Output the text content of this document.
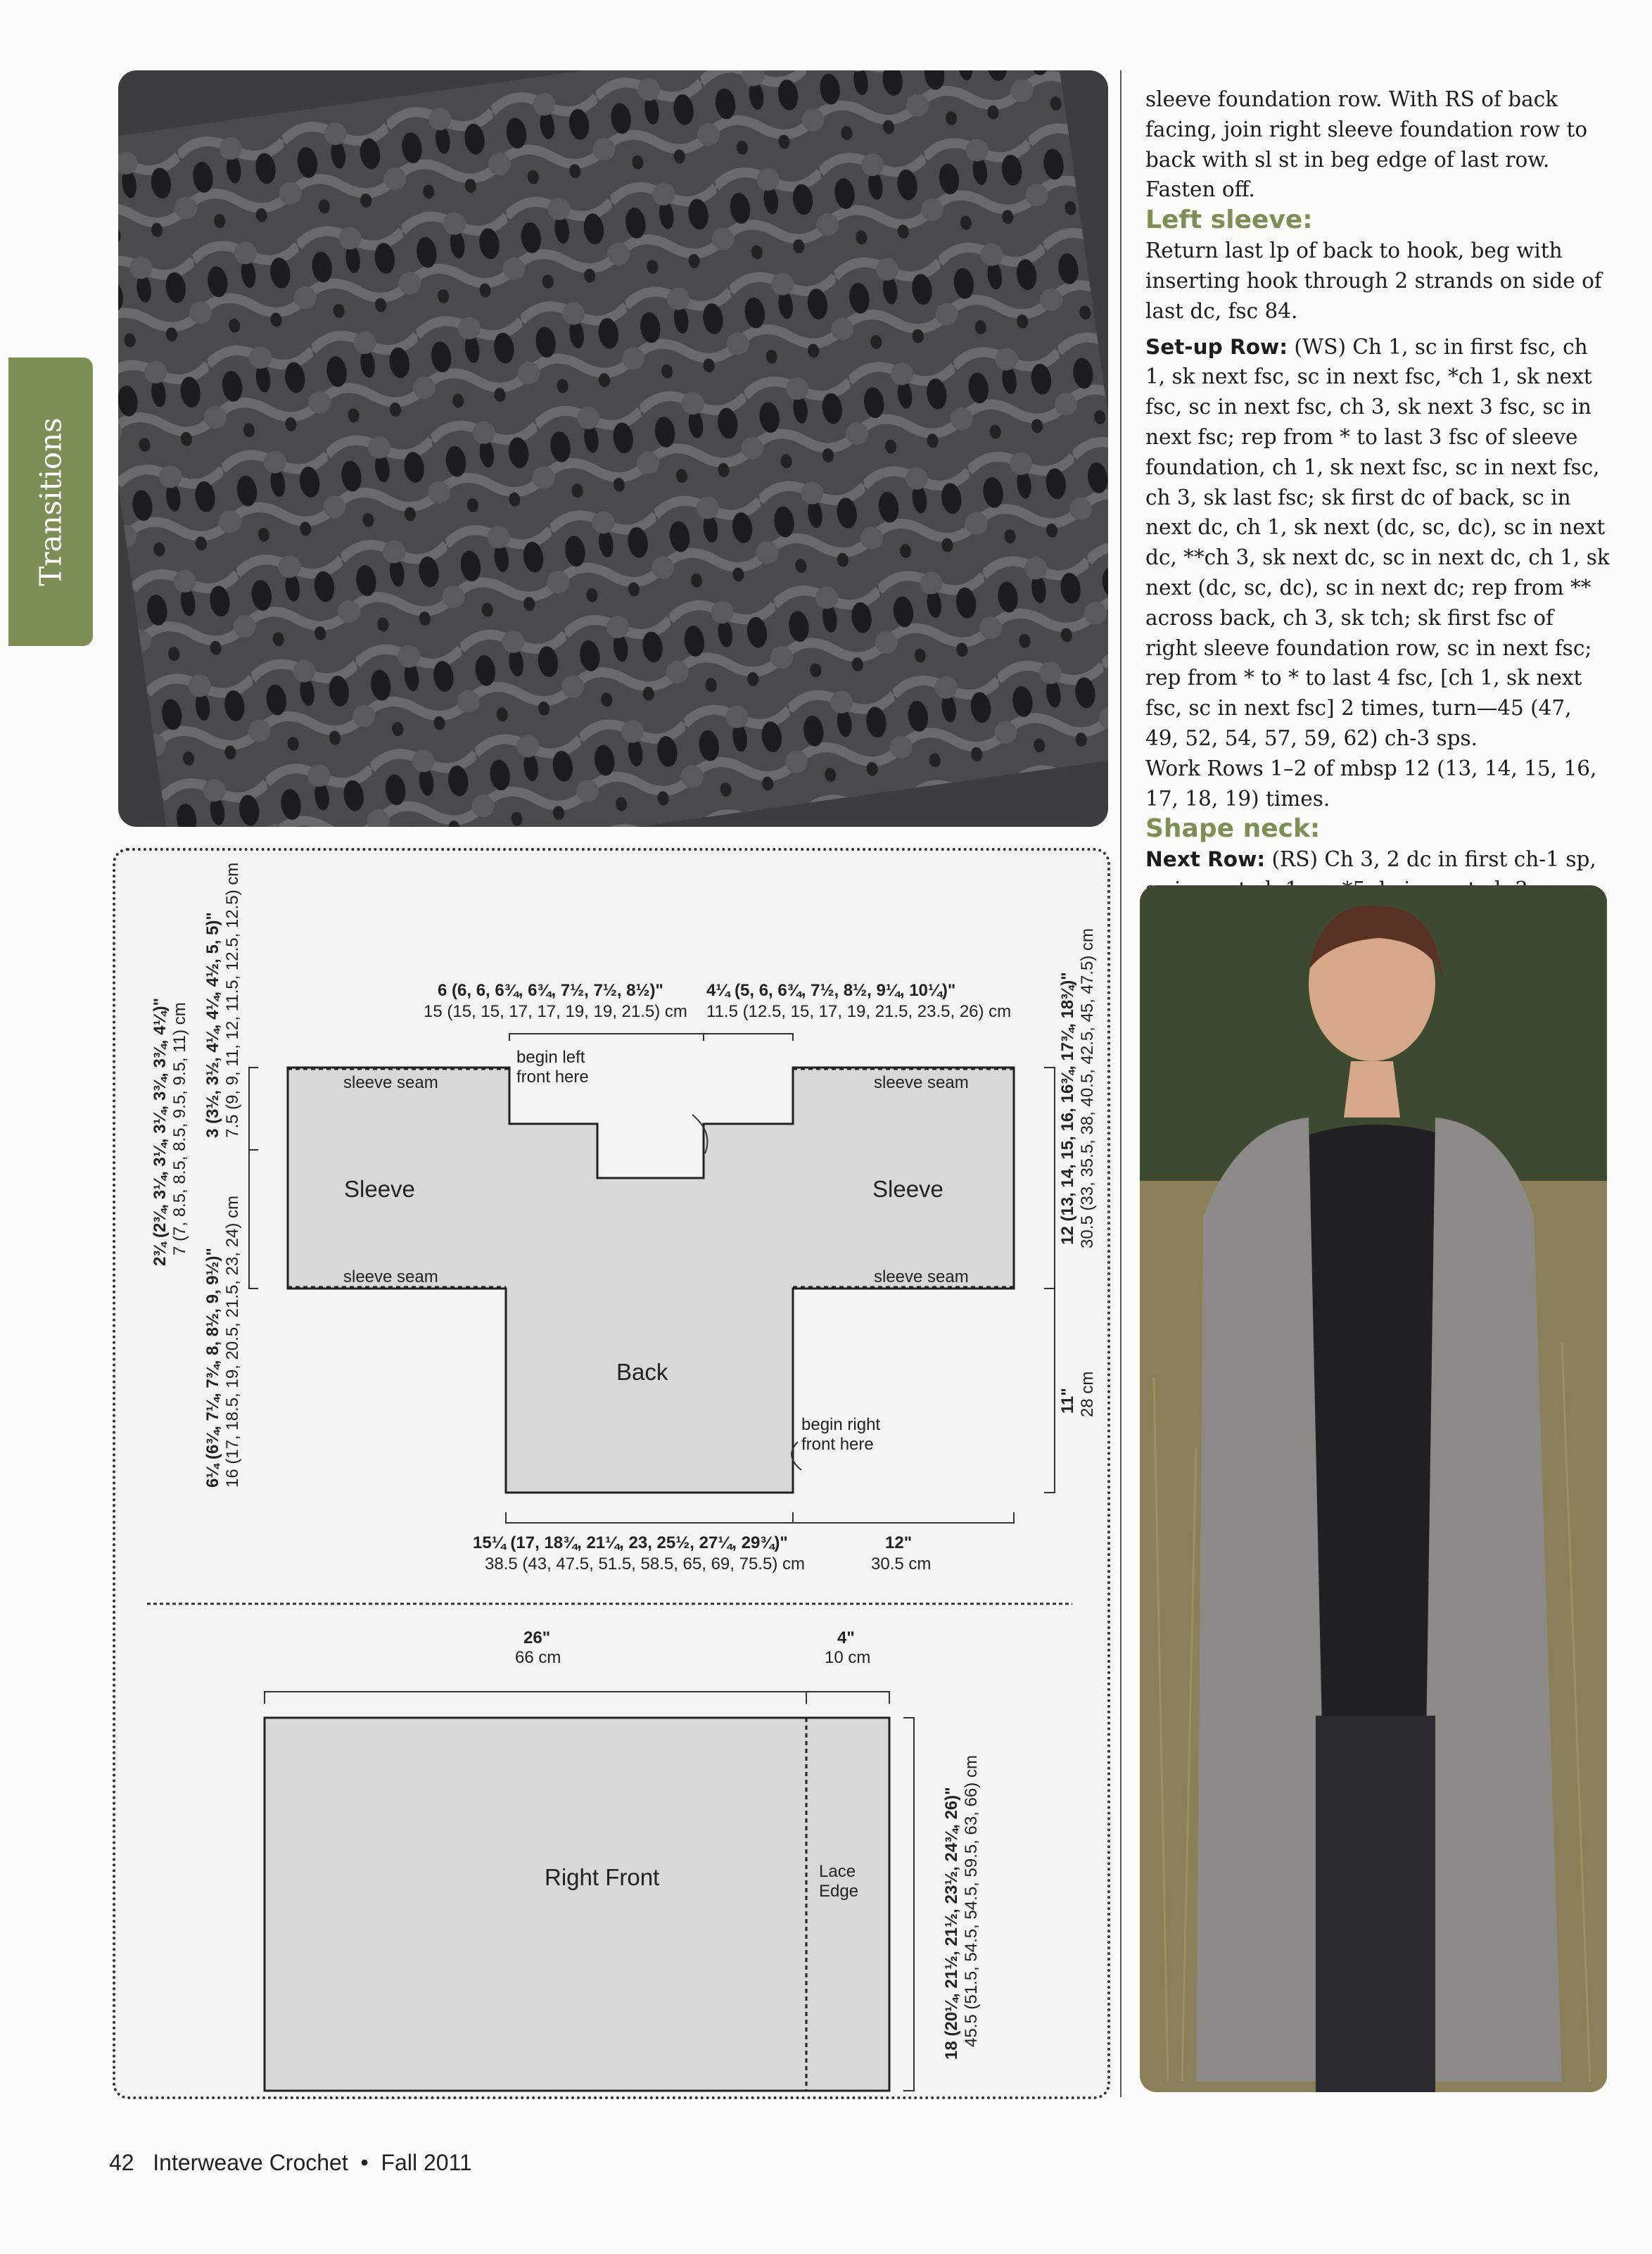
Transitions

sleeve foundation row. With RS of back facing, join right sleeve foundation row to back with sl st in beg edge of last row. Fasten off.

Left sleeve:

Return last lp of back to hook, beg with inserting hook through 2 strands on side of last dc, fsc 84.

Set-up Row: (WS) Ch 1, sc in first fsc, ch 1, sk next fsc, sc in next fsc, *ch 1, sk next fsc, sc in next fsc, ch 3, sk next 3 fsc, sc in next fsc; rep from * to last 3 fsc of sleeve foundation, ch 1, sk next fsc, sc in next fsc, ch 3, sk last fsc; sk first dc of back, sc in next dc, ch 1, sk next (dc, sc, dc), sc in next dc, **ch 3, sk next dc, sc in next dc, ch 1, sk next (dc, sc, dc), sc in next dc; rep from ** across back, ch 3, sk tch; sk first fsc of right sleeve foundation row, sc in next fsc; rep from * to * to last 4 fsc, [ch 1, sk next fsc, sc in next fsc] 2 times, turn—45 (47, 49, 52, 54, 57, 59, 62) ch-3 sps.

Work Rows 1–2 of mbsp 12 (13, 14, 15, 16, 17, 18, 19) times.

Shape neck:

Next Row: (RS) Ch 3, 2 dc in first ch-1 sp,

sleeve seam	sleeve seam
sleeve seam	sleeve seam
begin left
front here
begin right
front here
Sleeve	Sleeve
Back
6 (6, 6, 6¾, 6¾, 7½, 7½, 8½)"
15 (15, 15, 17, 17, 19, 19, 21.5) cm
4¼ (5, 6, 6¾, 7½, 8½, 9¼, 10¼)"
11.5 (12.5, 15, 17, 19, 21.5, 23.5, 26) cm
2¾ (2¾, 3¼, 3¼, 3¼, 3¾, 3¾, 4¼)" 7 (7, 8.5, 8.5, 8.5, 9.5, 9.5, 11) cm 3 (3½, 3½, 4¼, 4¼, 4½, 5, 5)" 7.5 (9, 9, 11, 12, 11.5, 12.5, 12.5) cm
6¼ (6¾, 7¼, 7¾, 8, 8½, 9, 9½)" 16 (17, 18.5, 19, 20.5, 21.5, 23, 24) cm
12 (13, 14, 15, 16, 16¾, 17¾, 18¾)" 30.5 (33, 35.5, 38, 40.5, 42.5, 45, 47.5) cm
11" 28 cm
15¼ (17, 18¾, 21¼, 23, 25½, 27¼, 29¾)"
38.5 (43, 47.5, 51.5, 58.5, 65, 69, 75.5) cm
12"
30.5 cm
26"
66 cm
4"
10 cm
Right Front	Lace
Edge	18 (20¼, 21½, 21½, 23½, 24¾, 26)" 45.5 (51.5, 54.5, 54.5, 59.5, 63, 66) cm
42 Interweave Crochet • Fall 2011
